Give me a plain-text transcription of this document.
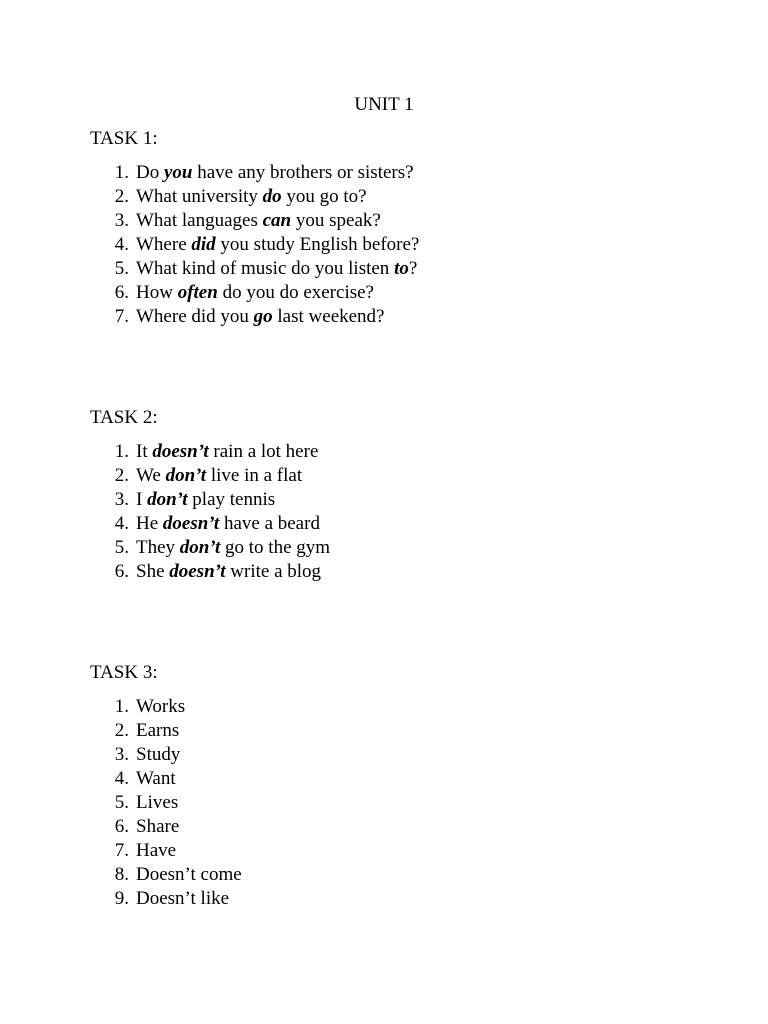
UNIT 1
TASK 1:
1. Do you have any brothers or sisters?
2. What university do you go to?
3. What languages can you speak?
4. Where did you study English before?
5. What kind of music do you listen to?
6. How often do you do exercise?
7. Where did you go last weekend?
TASK 2:
1. It doesn’t rain a lot here
2. We don’t live in a flat
3. I don’t play tennis
4. He doesn’t have a beard
5. They don’t go to the gym
6. She doesn’t write a blog
TASK 3:
1. Works
2. Earns
3. Study
4. Want
5. Lives
6. Share
7. Have
8. Doesn’t come
9. Doesn’t like
